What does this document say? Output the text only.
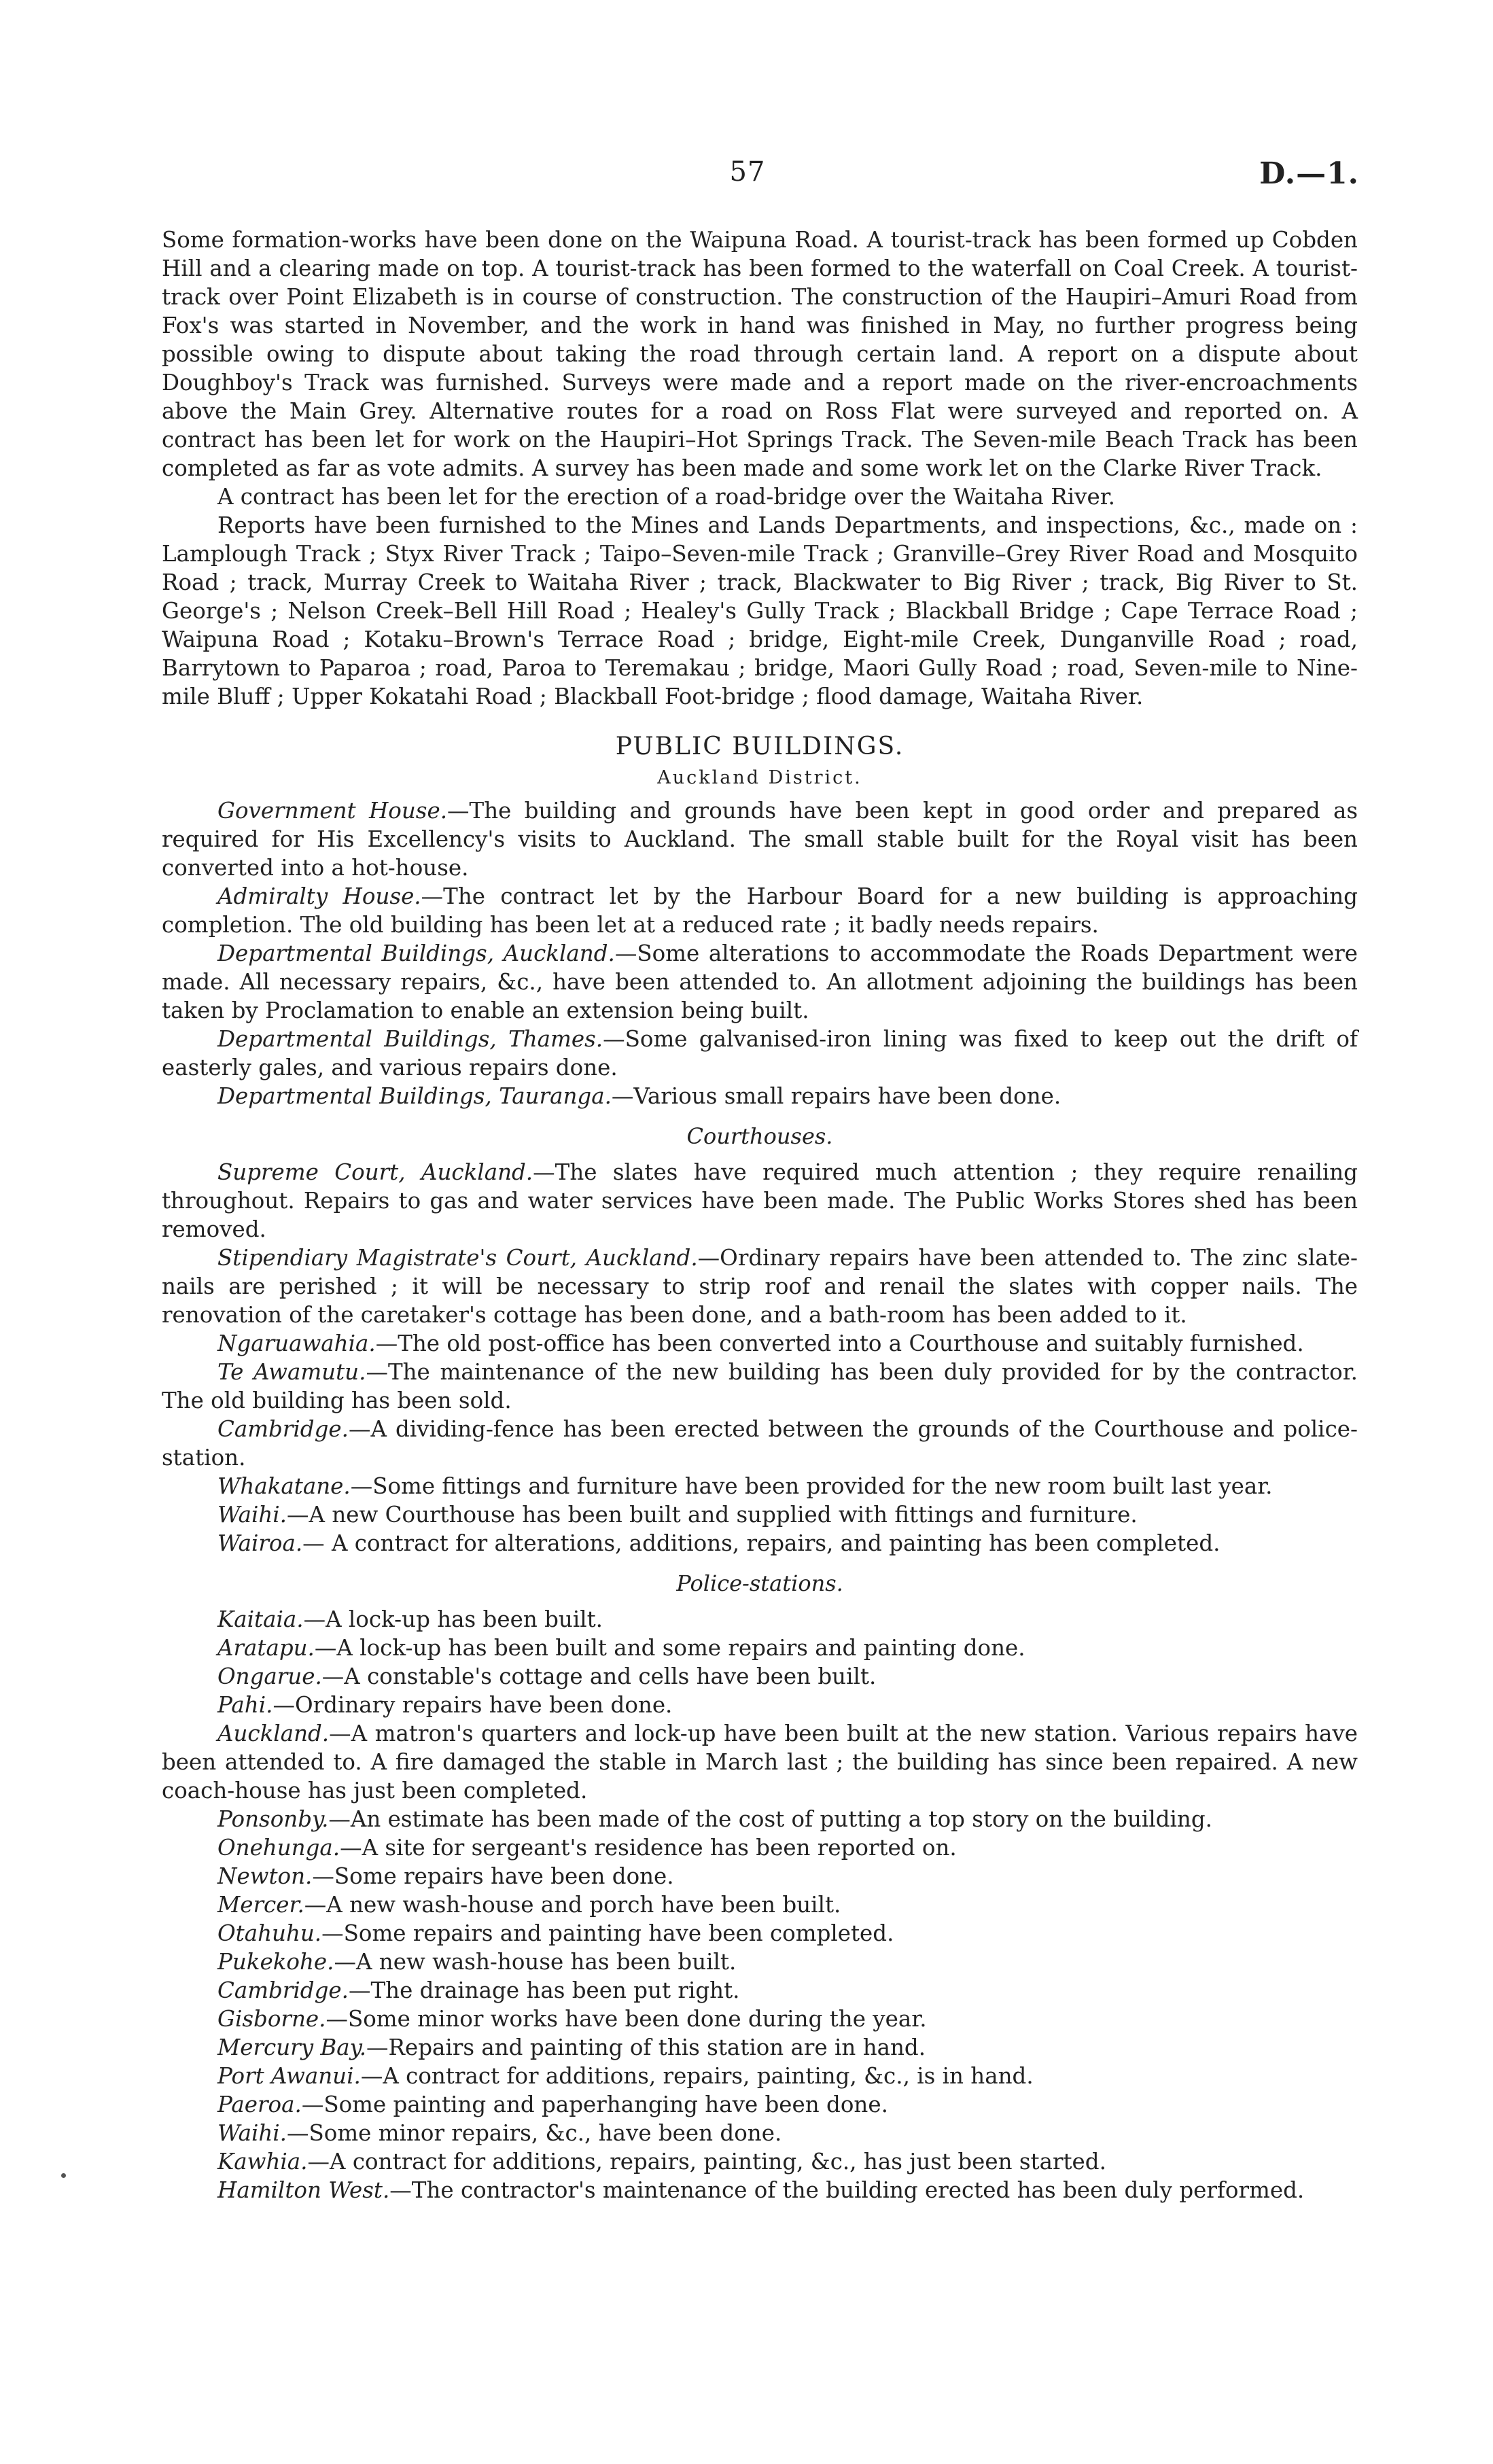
57	D.—1.

Some formation-works have been done on the Waipuna Road. A tourist-track has been formed up Cobden Hill and a clearing made on top. A tourist-track has been formed to the waterfall on Coal Creek. A tourist-track over Point Elizabeth is in course of construction. The construction of the Haupiri–Amuri Road from Fox's was started in November, and the work in hand was finished in May, no further progress being possible owing to dispute about taking the road through certain land. A report on a dispute about Doughboy's Track was furnished. Surveys were made and a report made on the river-encroachments above the Main Grey. Alternative routes for a road on Ross Flat were surveyed and reported on. A contract has been let for work on the Haupiri–Hot Springs Track. The Seven-mile Beach Track has been completed as far as vote admits. A survey has been made and some work let on the Clarke River Track.

A contract has been let for the erection of a road-bridge over the Waitaha River.

Reports have been furnished to the Mines and Lands Departments, and inspections, &c., made on : Lamplough Track ; Styx River Track ; Taipo–Seven-mile Track ; Granville–Grey River Road and Mosquito Road ; track, Murray Creek to Waitaha River ; track, Blackwater to Big River ; track, Big River to St. George's ; Nelson Creek–Bell Hill Road ; Healey's Gully Track ; Blackball Bridge ; Cape Terrace Road ; Waipuna Road ; Kotaku–Brown's Terrace Road ; bridge, Eight-mile Creek, Dunganville Road ; road, Barrytown to Paparoa ; road, Paroa to Teremakau ; bridge, Maori Gully Road ; road, Seven-mile to Nine-mile Bluff ; Upper Kokatahi Road ; Blackball Foot-bridge ; flood damage, Waitaha River.

PUBLIC BUILDINGS.
Auckland District.

Government House.—The building and grounds have been kept in good order and prepared as required for His Excellency's visits to Auckland. The small stable built for the Royal visit has been converted into a hot-house.

Admiralty House.—The contract let by the Harbour Board for a new building is approaching completion. The old building has been let at a reduced rate ; it badly needs repairs.

Departmental Buildings, Auckland.—Some alterations to accommodate the Roads Department were made. All necessary repairs, &c., have been attended to. An allotment adjoining the buildings has been taken by Proclamation to enable an extension being built.

Departmental Buildings, Thames.—Some galvanised-iron lining was fixed to keep out the drift of easterly gales, and various repairs done.

Departmental Buildings, Tauranga.—Various small repairs have been done.

Courthouses.

Supreme Court, Auckland.—The slates have required much attention ; they require renailing throughout. Repairs to gas and water services have been made. The Public Works Stores shed has been removed.

Stipendiary Magistrate's Court, Auckland.—Ordinary repairs have been attended to. The zinc slate-nails are perished ; it will be necessary to strip roof and renail the slates with copper nails. The renovation of the caretaker's cottage has been done, and a bath-room has been added to it.

Ngaruawahia.—The old post-office has been converted into a Courthouse and suitably furnished.

Te Awamutu.—The maintenance of the new building has been duly provided for by the contractor. The old building has been sold.

Cambridge.—A dividing-fence has been erected between the grounds of the Courthouse and police-station.

Whakatane.—Some fittings and furniture have been provided for the new room built last year.

Waihi.—A new Courthouse has been built and supplied with fittings and furniture.

Wairoa.— A contract for alterations, additions, repairs, and painting has been completed.

Police-stations.

Kaitaia.—A lock-up has been built.

Aratapu.—A lock-up has been built and some repairs and painting done.

Ongarue.—A constable's cottage and cells have been built.

Pahi.—Ordinary repairs have been done.

Auckland.—A matron's quarters and lock-up have been built at the new station. Various repairs have been attended to. A fire damaged the stable in March last ; the building has since been repaired. A new coach-house has just been completed.

Ponsonby.—An estimate has been made of the cost of putting a top story on the building.

Onehunga.—A site for sergeant's residence has been reported on.

Newton.—Some repairs have been done.

Mercer.—A new wash-house and porch have been built.

Otahuhu.—Some repairs and painting have been completed.

Pukekohe.—A new wash-house has been built.

Cambridge.—The drainage has been put right.

Gisborne.—Some minor works have been done during the year.

Mercury Bay.—Repairs and painting of this station are in hand.

Port Awanui.—A contract for additions, repairs, painting, &c., is in hand.

Paeroa.—Some painting and paperhanging have been done.

Waihi.—Some minor repairs, &c., have been done.

Kawhia.—A contract for additions, repairs, painting, &c., has just been started.

Hamilton West.—The contractor's maintenance of the building erected has been duly performed.
